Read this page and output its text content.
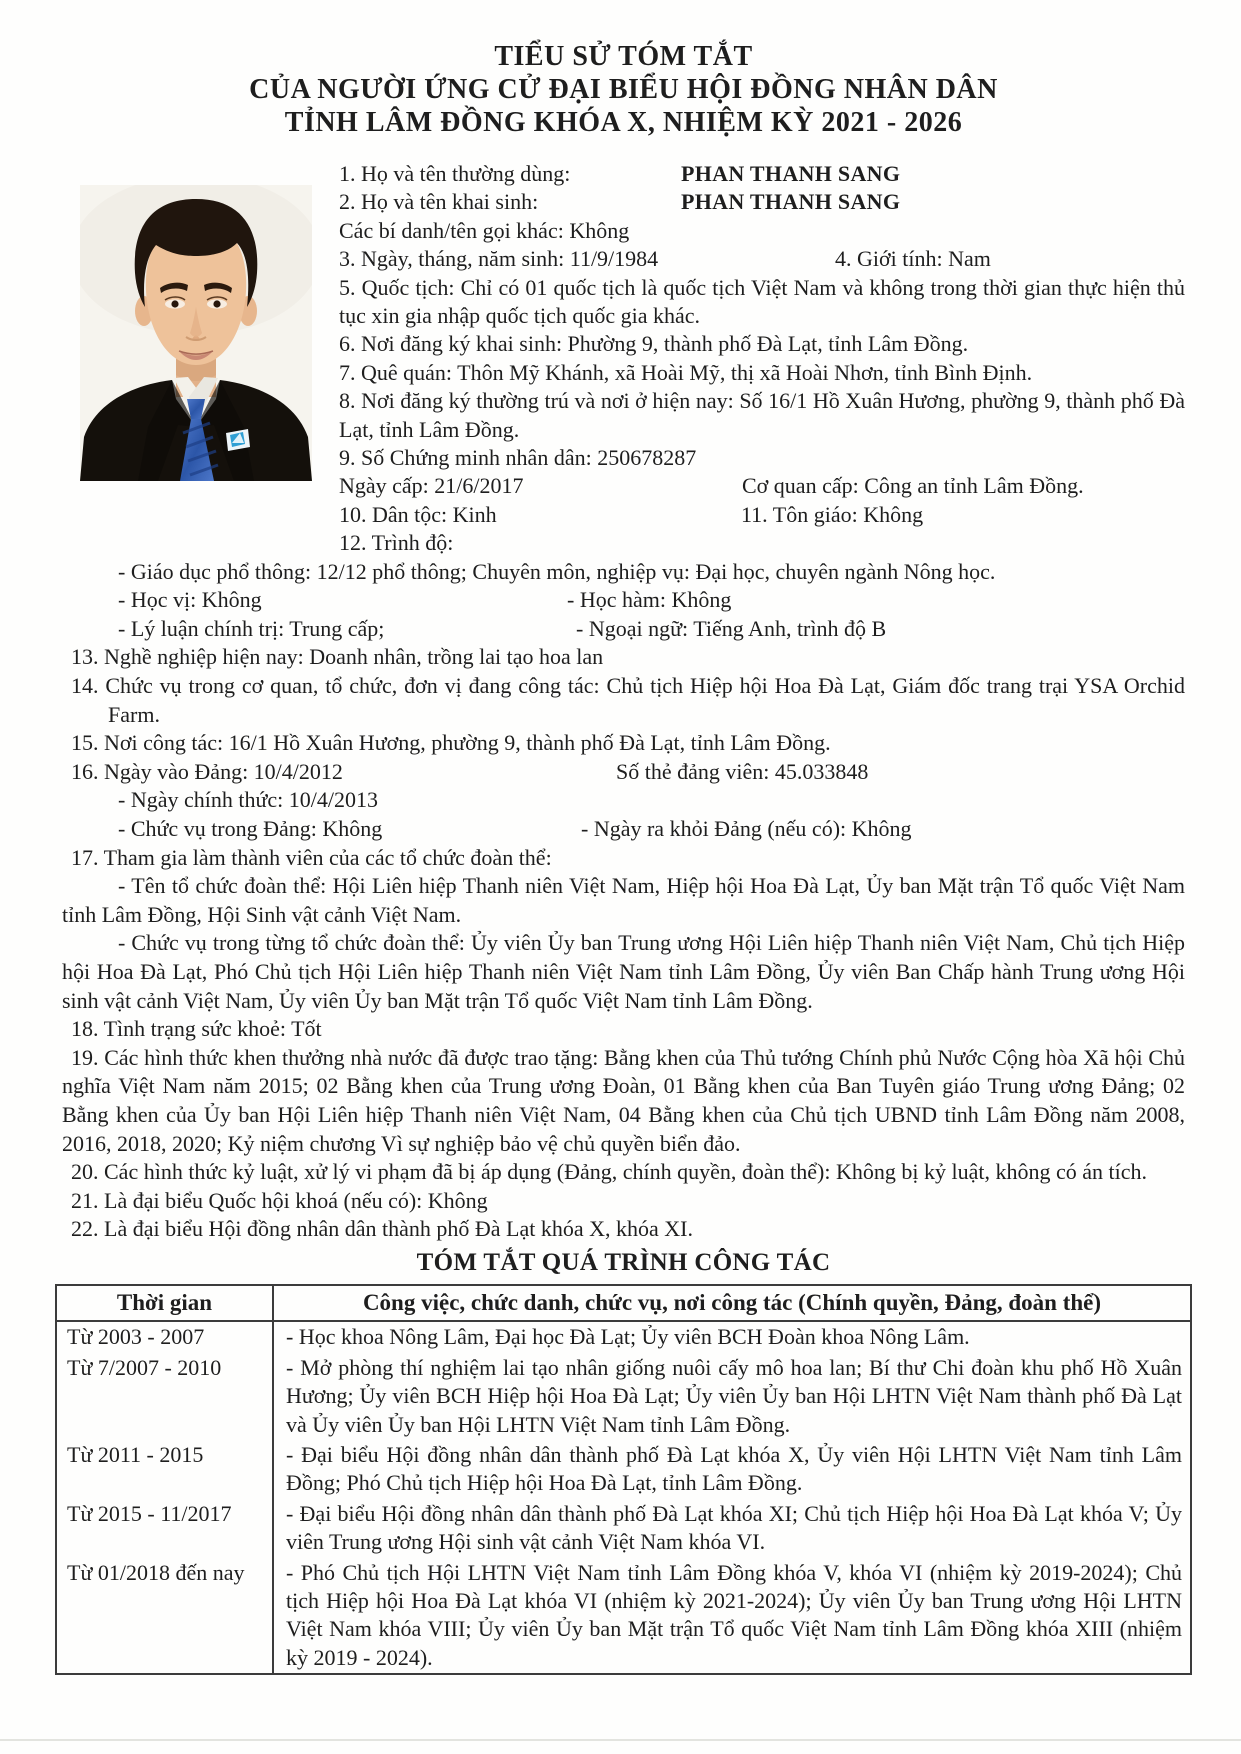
TIỂU SỬ TÓM TẮT
CỦA NGƯỜI ỨNG CỬ ĐẠI BIỂU HỘI ĐỒNG NHÂN DÂN
TỈNH LÂM ĐỒNG KHÓA X, NHIỆM KỲ 2021 - 2026
1. Họ và tên thường dùng:	PHAN THANH SANG
2. Họ và tên khai sinh:	PHAN THANH SANG
Các bí danh/tên gọi khác: Không
3. Ngày, tháng, năm sinh: 11/9/1984	4. Giới tính: Nam
5. Quốc tịch: Chỉ có 01 quốc tịch là quốc tịch Việt Nam và không trong thời gian thực hiện thủ tục xin gia nhập quốc tịch quốc gia khác.
6. Nơi đăng ký khai sinh: Phường 9, thành phố Đà Lạt, tỉnh Lâm Đồng.
7. Quê quán: Thôn Mỹ Khánh, xã Hoài Mỹ, thị xã Hoài Nhơn, tỉnh Bình Định.
8. Nơi đăng ký thường trú và nơi ở hiện nay: Số 16/1 Hồ Xuân Hương, phường 9, thành phố Đà Lạt, tỉnh Lâm Đồng.
9. Số Chứng minh nhân dân: 250678287
Ngày cấp: 21/6/2017	Cơ quan cấp: Công an tỉnh Lâm Đồng.
10. Dân tộc: Kinh	11. Tôn giáo: Không
12. Trình độ:
- Giáo dục phổ thông: 12/12 phổ thông; Chuyên môn, nghiệp vụ: Đại học, chuyên ngành Nông học.
- Học vị: Không	- Học hàm: Không
- Lý luận chính trị: Trung cấp;	- Ngoại ngữ: Tiếng Anh, trình độ B
13. Nghề nghiệp hiện nay: Doanh nhân, trồng lai tạo hoa lan
14. Chức vụ trong cơ quan, tổ chức, đơn vị đang công tác: Chủ tịch Hiệp hội Hoa Đà Lạt, Giám đốc trang trại YSA Orchid Farm.
15. Nơi công tác: 16/1 Hồ Xuân Hương, phường 9, thành phố Đà Lạt, tỉnh Lâm Đồng.
16. Ngày vào Đảng: 10/4/2012	Số thẻ đảng viên: 45.033848
- Ngày chính thức: 10/4/2013
- Chức vụ trong Đảng: Không	- Ngày ra khỏi Đảng (nếu có): Không
17. Tham gia làm thành viên của các tổ chức đoàn thể:
- Tên tổ chức đoàn thể: Hội Liên hiệp Thanh niên Việt Nam, Hiệp hội Hoa Đà Lạt, Ủy ban Mặt trận Tổ quốc Việt Nam tỉnh Lâm Đồng, Hội Sinh vật cảnh Việt Nam.
- Chức vụ trong từng tổ chức đoàn thể: Ủy viên Ủy ban Trung ương Hội Liên hiệp Thanh niên Việt Nam, Chủ tịch Hiệp hội Hoa Đà Lạt, Phó Chủ tịch Hội Liên hiệp Thanh niên Việt Nam tỉnh Lâm Đồng, Ủy viên Ban Chấp hành Trung ương Hội sinh vật cảnh Việt Nam, Ủy viên Ủy ban Mặt trận Tổ quốc Việt Nam tỉnh Lâm Đồng.
18. Tình trạng sức khoẻ: Tốt
19. Các hình thức khen thưởng nhà nước đã được trao tặng: Bằng khen của Thủ tướng Chính phủ Nước Cộng hòa Xã hội Chủ nghĩa Việt Nam năm 2015; 02 Bằng khen của Trung ương Đoàn, 01 Bằng khen của Ban Tuyên giáo Trung ương Đảng; 02 Bằng khen của Ủy ban Hội Liên hiệp Thanh niên Việt Nam, 04 Bằng khen của Chủ tịch UBND tỉnh Lâm Đồng năm 2008, 2016, 2018, 2020; Kỷ niệm chương Vì sự nghiệp bảo vệ chủ quyền biển đảo.
20. Các hình thức kỷ luật, xử lý vi phạm đã bị áp dụng (Đảng, chính quyền, đoàn thể): Không bị kỷ luật, không có án tích.
21. Là đại biểu Quốc hội khoá (nếu có): Không
22. Là đại biểu Hội đồng nhân dân thành phố Đà Lạt khóa X, khóa XI.
TÓM TẮT QUÁ TRÌNH CÔNG TÁC
Thời gian	Công việc, chức danh, chức vụ, nơi công tác (Chính quyền, Đảng, đoàn thể)
Từ 2003 - 2007	- Học khoa Nông Lâm, Đại học Đà Lạt; Ủy viên BCH Đoàn khoa Nông Lâm.
Từ 7/2007 - 2010	- Mở phòng thí nghiệm lai tạo nhân giống nuôi cấy mô hoa lan; Bí thư Chi đoàn khu phố Hồ Xuân Hương; Ủy viên BCH Hiệp hội Hoa Đà Lạt; Ủy viên Ủy ban Hội LHTN Việt Nam thành phố Đà Lạt và Ủy viên Ủy ban Hội LHTN Việt Nam tỉnh Lâm Đồng.
Từ 2011 - 2015	- Đại biểu Hội đồng nhân dân thành phố Đà Lạt khóa X, Ủy viên Hội LHTN Việt Nam tỉnh Lâm Đồng; Phó Chủ tịch Hiệp hội Hoa Đà Lạt, tỉnh Lâm Đồng.
Từ 2015 - 11/2017	- Đại biểu Hội đồng nhân dân thành phố Đà Lạt khóa XI; Chủ tịch Hiệp hội Hoa Đà Lạt khóa V; Ủy viên Trung ương Hội sinh vật cảnh Việt Nam khóa VI.
Từ 01/2018 đến nay	- Phó Chủ tịch Hội LHTN Việt Nam tỉnh Lâm Đồng khóa V, khóa VI (nhiệm kỳ 2019-2024); Chủ tịch Hiệp hội Hoa Đà Lạt khóa VI (nhiệm kỳ 2021-2024); Ủy viên Ủy ban Trung ương Hội LHTN Việt Nam khóa VIII; Ủy viên Ủy ban Mặt trận Tổ quốc Việt Nam tỉnh Lâm Đồng khóa XIII (nhiệm kỳ 2019 - 2024).
